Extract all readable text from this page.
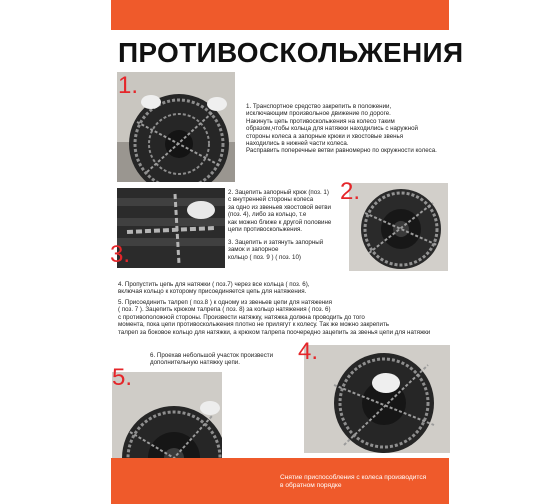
ПРОТИВОСКОЛЬЖЕНИЯ
1.
1. Транспортное средство закрепить в положении,
исключающим произвольное движение по дороге.
Накинуть цепь противоскольжения на колесо таким
образом,чтобы кольца для натяжки находились с наружной
стороны колеса а запорные крюки и хвостовые звенья
находились в нижней части колеса.
Расправить поперечные ветви равномерно по окружности колеса.
3.
2. Зацепить запорный крюк (поз. 1)
с внутренней стороны колеса
за одно из звеньев хвостовой ветви
(поз. 4), либо за кольцо, т.е
как можно ближе к другой половине
цепи противоскольжения.
3. Зацепить и затянуть запорный
замок и запорное
кольцо ( поз. 9 ) ( поз. 10)
2.
4. Пропустить цепь для натяжки ( поз.7) через все кольца ( поз. 6),
включая кольцо к которому присоединяется цепь для натяжения.
5. Присоединить талреп ( поз.8 ) к одному из звеньев цепи для натяжения
( поз. 7 ). Зацепить крюком талрепа ( поз. 8) за кольцо натяжения ( поз. 6)
с противоположной стороны. Произвести натяжку, натяжка должна проводить до того
момента, пока цепи противоскольжения плотно не прилягут к колесу. Так же можно закрепить
талреп за боковое кольцо для натяжки, а крюком талрепа поочередно зацепить за звенья цепи для натяжки
6. Проехав небольшой участок произвести
дополнительную натяжку цепи.
5.
4.
Снятие приспособления с колеса производится
в обратном порядке
